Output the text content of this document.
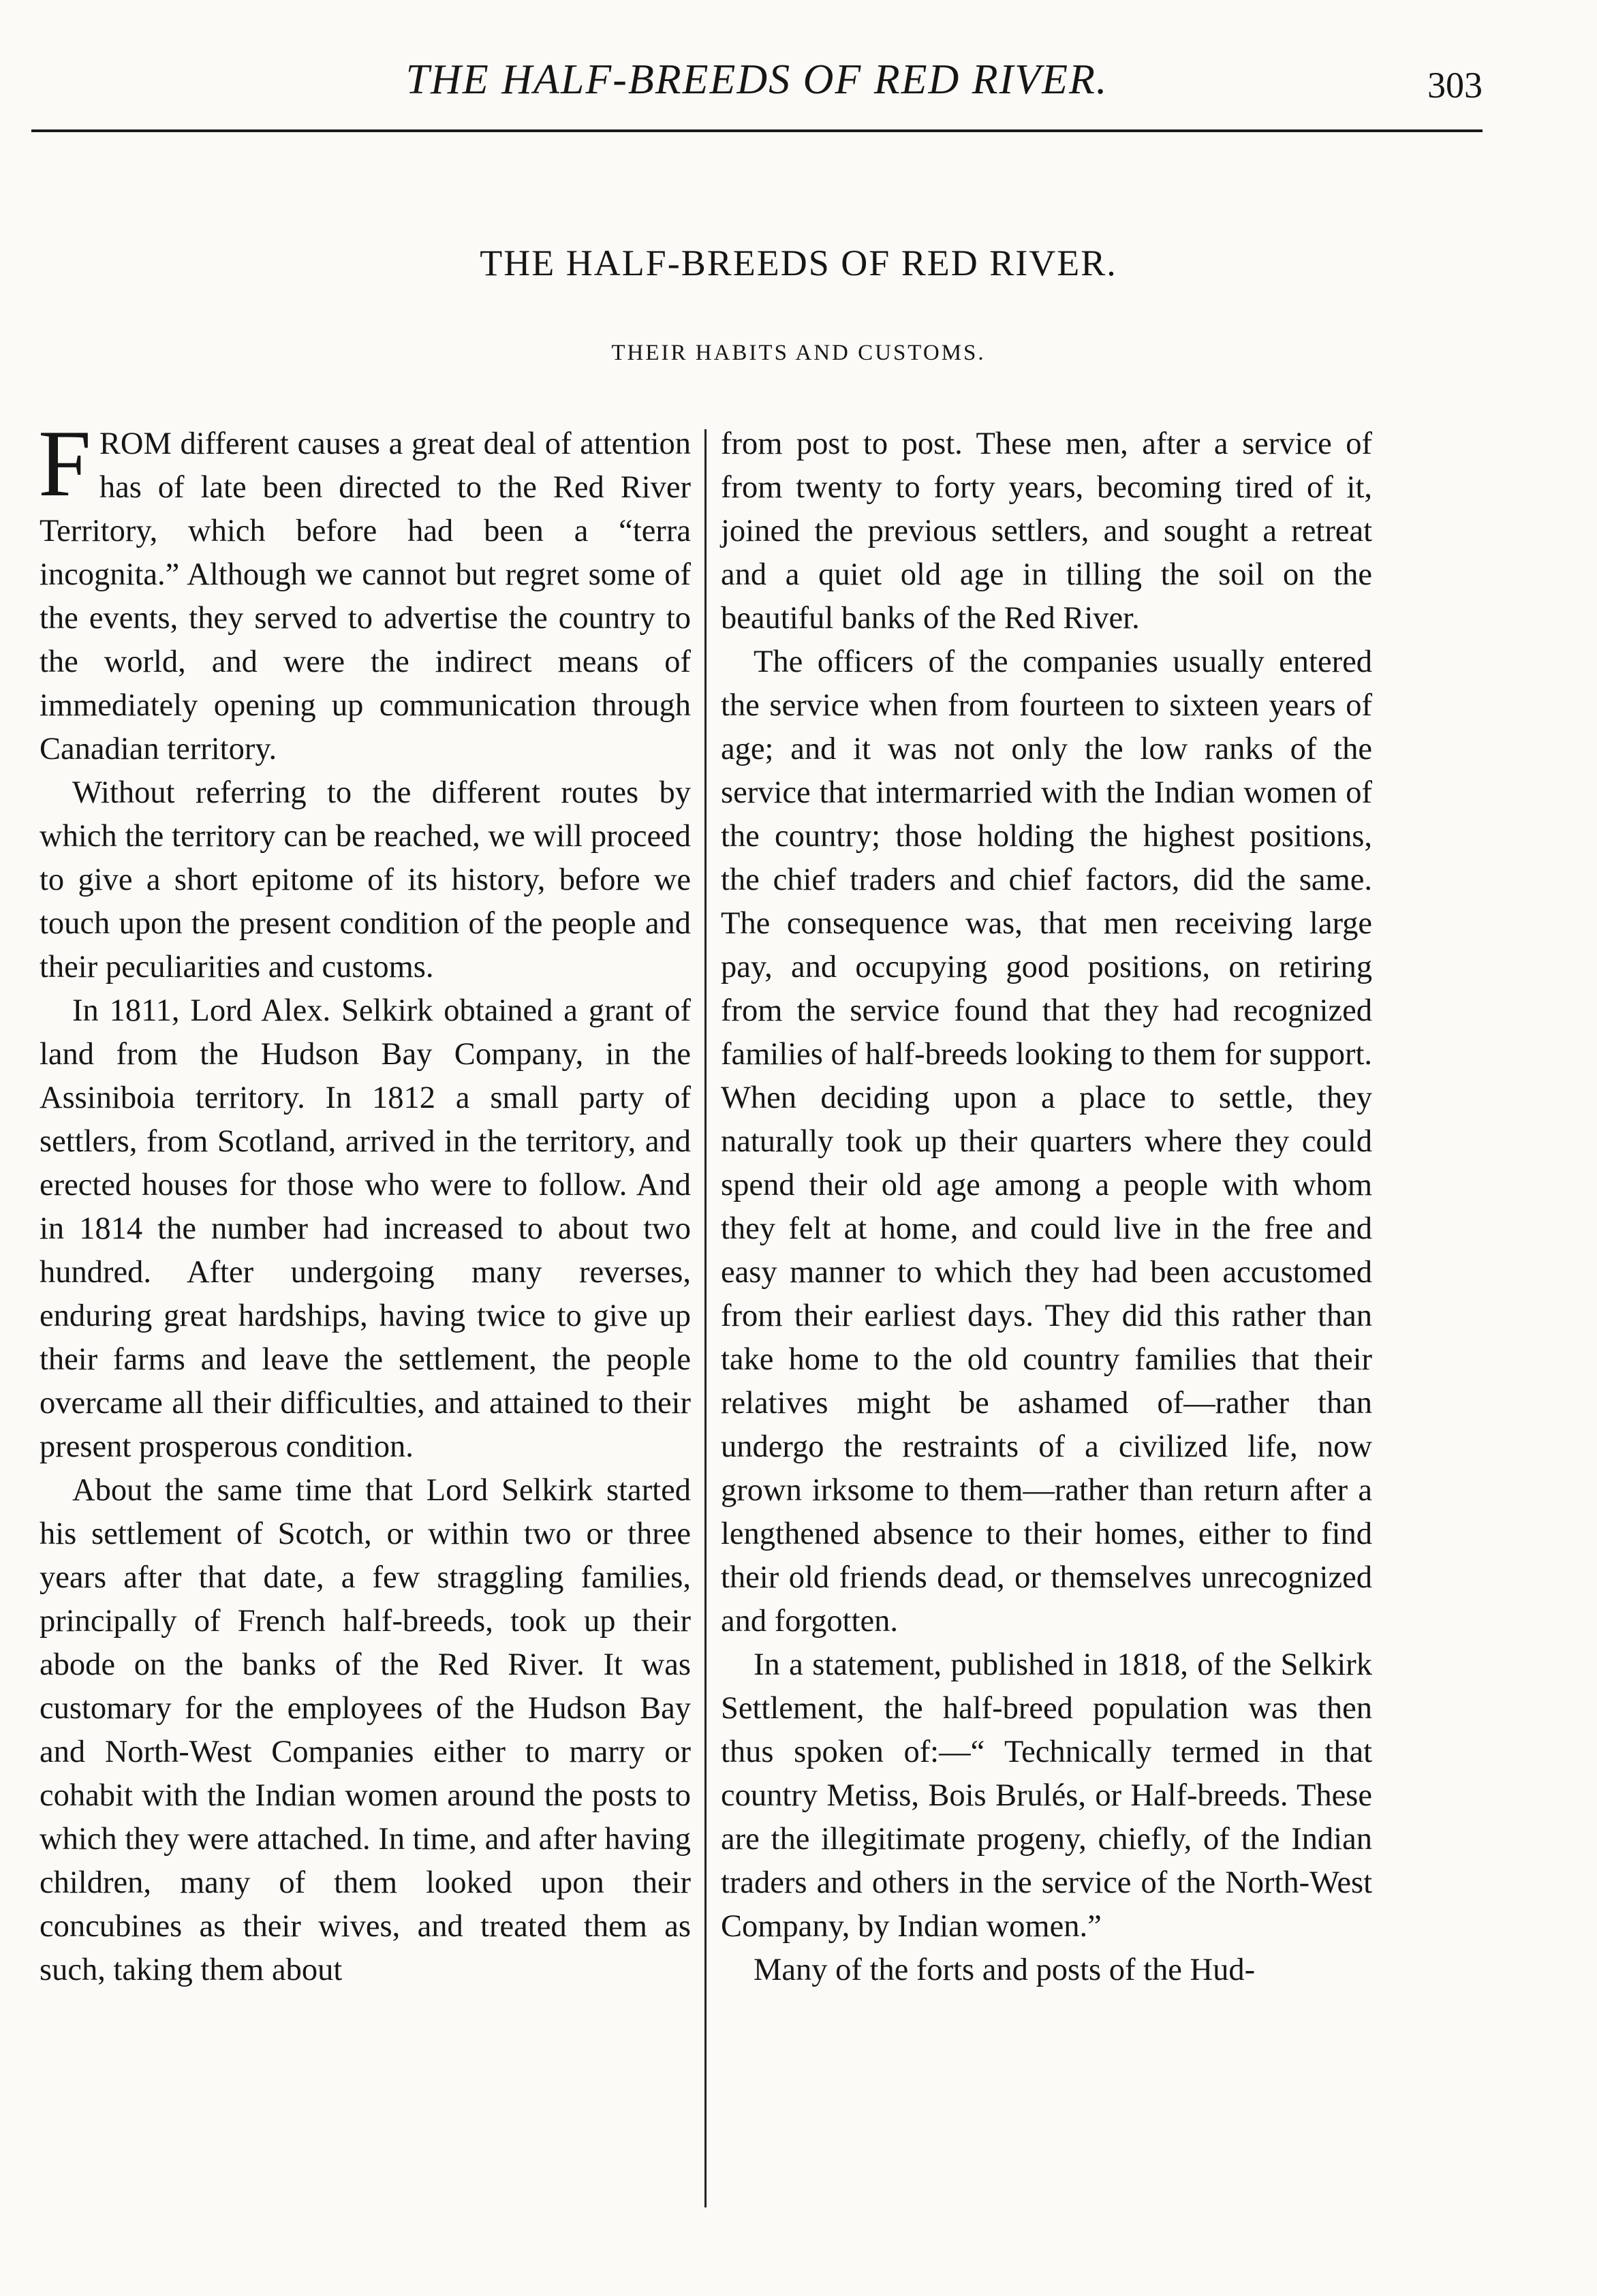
THE HALF-BREEDS OF RED RIVER.	303
THE HALF-BREEDS OF RED RIVER.
THEIR HABITS AND CUSTOMS.

FROM different causes a great deal of attention has of late been directed to the Red River Territory, which before had been a “terra incognita.” Although we cannot but regret some of the events, they served to advertise the country to the world, and were the indirect means of immediately opening up communication through Canadian territory.

Without referring to the different routes by which the territory can be reached, we will proceed to give a short epitome of its history, before we touch upon the present condition of the people and their peculiarities and customs.

In 1811, Lord Alex. Selkirk obtained a grant of land from the Hudson Bay Company, in the Assiniboia territory. In 1812 a small party of settlers, from Scotland, arrived in the territory, and erected houses for those who were to follow. And in 1814 the number had increased to about two hundred. After undergoing many reverses, enduring great hardships, having twice to give up their farms and leave the settlement, the people overcame all their difficulties, and attained to their present prosperous condition.

About the same time that Lord Selkirk started his settlement of Scotch, or within two or three years after that date, a few straggling families, principally of French half-breeds, took up their abode on the banks of the Red River. It was customary for the employees of the Hudson Bay and North-West Companies either to marry or cohabit with the Indian women around the posts to which they were attached. In time, and after having children, many of them looked upon their concubines as their wives, and treated them as such, taking them about

from post to post. These men, after a service of from twenty to forty years, becoming tired of it, joined the previous settlers, and sought a retreat and a quiet old age in tilling the soil on the beautiful banks of the Red River.

The officers of the companies usually entered the service when from fourteen to sixteen years of age; and it was not only the low ranks of the service that intermarried with the Indian women of the country; those holding the highest positions, the chief traders and chief factors, did the same. The consequence was, that men receiving large pay, and occupying good positions, on retiring from the service found that they had recognized families of half-breeds looking to them for support. When deciding upon a place to settle, they naturally took up their quarters where they could spend their old age among a people with whom they felt at home, and could live in the free and easy manner to which they had been accustomed from their earliest days. They did this rather than take home to the old country families that their relatives might be ashamed of—rather than undergo the restraints of a civilized life, now grown irksome to them—rather than return after a lengthened absence to their homes, either to find their old friends dead, or themselves unrecognized and forgotten.

In a statement, published in 1818, of the Selkirk Settlement, the half-breed population was then thus spoken of:—“ Technically termed in that country Metiss, Bois Brulés, or Half-breeds. These are the illegitimate progeny, chiefly, of the Indian traders and others in the service of the North-West Company, by Indian women.”

Many of the forts and posts of the Hud-
